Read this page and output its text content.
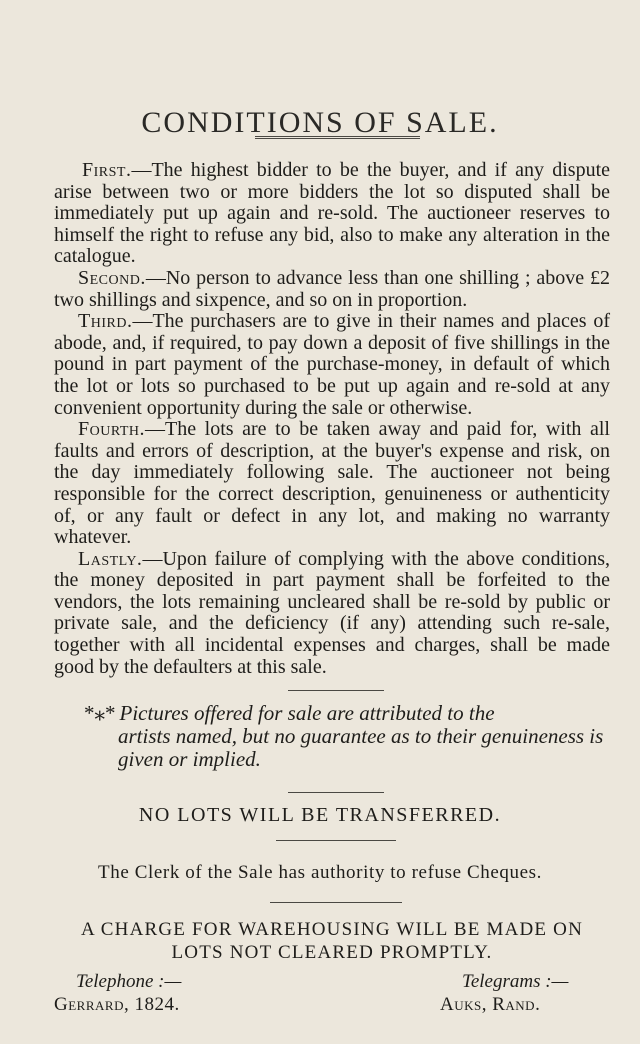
CONDITIONS OF SALE.

First.—The highest bidder to be the buyer, and if any dispute arise between two or more bidders the lot so disputed shall be immediately put up again and re-sold. The auctioneer reserves to himself the right to refuse any bid, also to make any alteration in the catalogue.

Second.—No person to advance less than one shilling ; above £2 two shillings and sixpence, and so on in proportion.

Third.—The purchasers are to give in their names and places of abode, and, if required, to pay down a deposit of five shillings in the pound in part payment of the purchase-money, in default of which the lot or lots so purchased to be put up again and re-sold at any convenient opportunity during the sale or otherwise.

Fourth.—The lots are to be taken away and paid for, with all faults and errors of description, at the buyer's expense and risk, on the day immediately following sale. The auctioneer not being responsible for the correct description, genuineness or authenticity of, or any fault or defect in any lot, and making no warranty whatever.

Lastly.—Upon failure of complying with the above conditions, the money deposited in part payment shall be forfeited to the vendors, the lots remaining uncleared shall be re-sold by public or private sale, and the deficiency (if any) attending such re-sale, together with all incidental expenses and charges, shall be made good by the defaulters at this sale.

*⁎* Pictures offered for sale are attributed to the
artists named, but no guarantee as to their genuineness is given or implied.
NO LOTS WILL BE TRANSFERRED.
The Clerk of the Sale has authority to refuse Cheques.
A CHARGE FOR WAREHOUSING WILL BE MADE ON LOTS NOT CLEARED PROMPTLY.
Telephone :—
Gerrard, 1824.
Telegrams :—
Auks, Rand.
